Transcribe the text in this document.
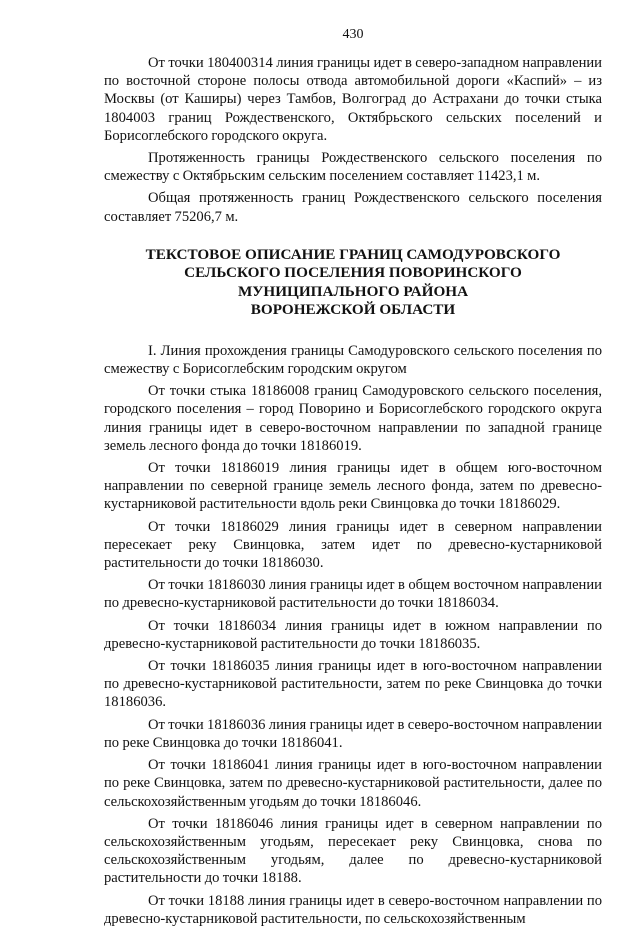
430

От точки 180400314 линия границы идет в северо-западном направлении по восточной стороне полосы отвода автомобильной дороги «Каспий» – из Москвы (от Каширы) через Тамбов, Волгоград до Астрахани до точки стыка 1804003 границ Рождественского, Октябрьского сельских поселений и Борисоглебского городского округа.

Протяженность границы Рождественского сельского поселения по смежеству с Октябрьским сельским поселением составляет 11423,1 м.

Общая протяженность границ Рождественского сельского поселения составляет 75206,7 м.

ТЕКСТОВОЕ ОПИСАНИЕ ГРАНИЦ САМОДУРОВСКОГО
СЕЛЬСКОГО ПОСЕЛЕНИЯ ПОВОРИНСКОГО
МУНИЦИПАЛЬНОГО РАЙОНА
ВОРОНЕЖСКОЙ ОБЛАСТИ

I. Линия прохождения границы Самодуровского сельского поселения по смежеству с Борисоглебским городским округом

От точки стыка 18186008 границ Самодуровского сельского поселения, городского поселения – город Поворино и Борисоглебского городского округа линия границы идет в северо-восточном направлении по западной границе земель лесного фонда до точки 18186019.

От точки 18186019 линия границы идет в общем юго-восточном направлении по северной границе земель лесного фонда, затем по древесно-кустарниковой растительности вдоль реки Свинцовка до точки 18186029.

От точки 18186029 линия границы идет в северном направлении пересекает реку Свинцовка, затем идет по древесно-кустарниковой растительности до точки 18186030.

От точки 18186030 линия границы идет в общем восточном направлении по древесно-кустарниковой растительности до точки 18186034.

От точки 18186034 линия границы идет в южном направлении по древесно-кустарниковой растительности до точки 18186035.

От точки 18186035 линия границы идет в юго-восточном направлении по древесно-кустарниковой растительности, затем по реке Свинцовка до точки 18186036.

От точки 18186036 линия границы идет в северо-восточном направлении по реке Свинцовка до точки 18186041.

От точки 18186041 линия границы идет в юго-восточном направлении по реке Свинцовка, затем по древесно-кустарниковой растительности, далее по сельскохозяйственным угодьям до точки 18186046.

От точки 18186046 линия границы идет в северном направлении по сельскохозяйственным угодьям, пересекает реку Свинцовка, снова по сельскохозяйственным угодьям, далее по древесно-кустарниковой растительности до точки 18188.

От точки 18188 линия границы идет в северо-восточном направлении по древесно-кустарниковой растительности, по сельскохозяйственным
